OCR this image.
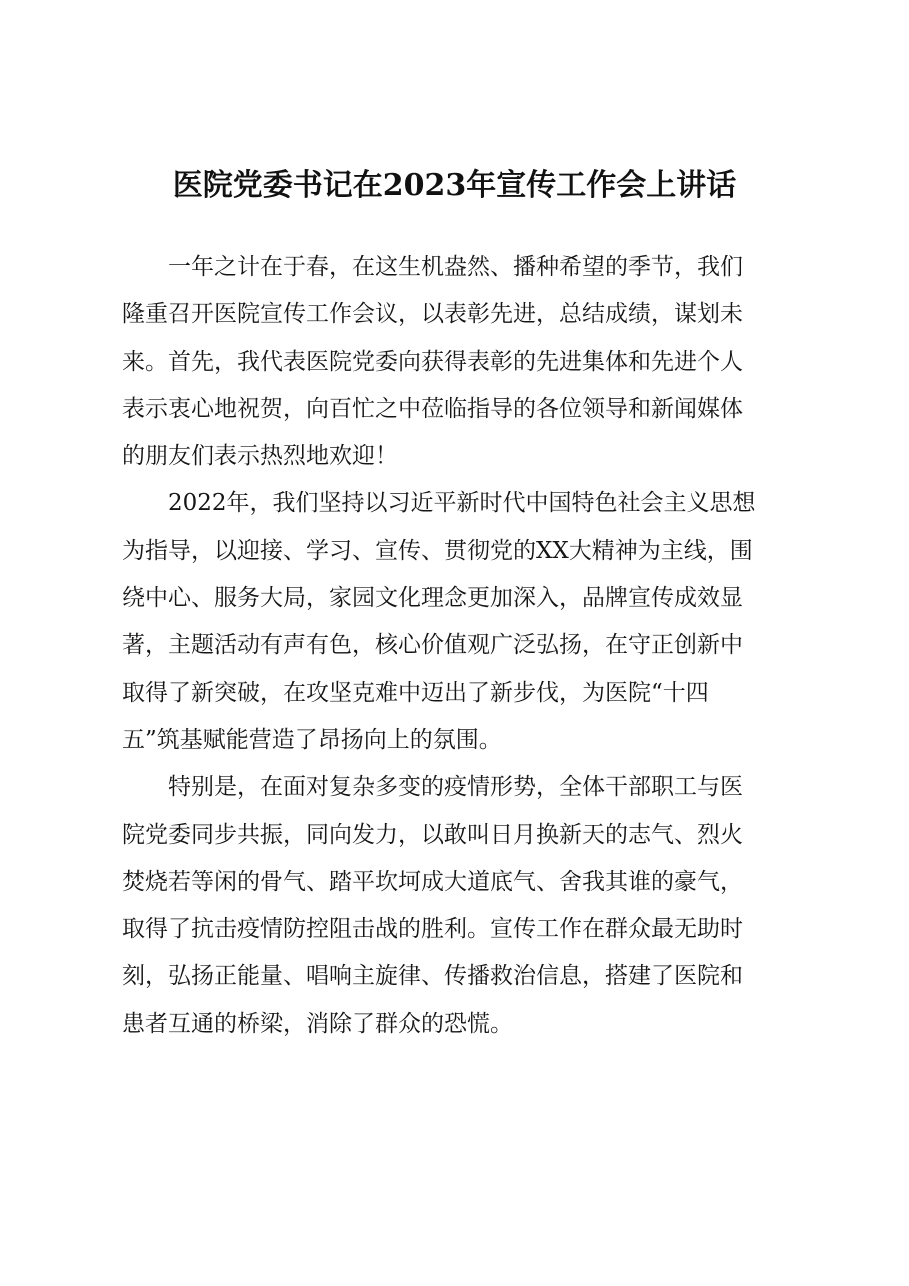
医院党委书记在2023年宣传工作会上讲话
一年之计在于春，在这生机盎然、播种希望的季节，我们
隆重召开医院宣传工作会议，以表彰先进，总结成绩，谋划未
来。首先，我代表医院党委向获得表彰的先进集体和先进个人
表示衷心地祝贺，向百忙之中莅临指导的各位领导和新闻媒体
的朋友们表示热烈地欢迎！
2022年，我们坚持以习近平新时代中国特色社会主义思想
为指导，以迎接、学习、宣传、贯彻党的XX大精神为主线，围
绕中心、服务大局，家园文化理念更加深入，品牌宣传成效显
著，主题活动有声有色，核心价值观广泛弘扬，在守正创新中
取得了新突破，在攻坚克难中迈出了新步伐，为医院“十四
五”筑基赋能营造了昂扬向上的氛围。
特别是，在面对复杂多变的疫情形势，全体干部职工与医
院党委同步共振，同向发力，以敢叫日月换新天的志气、烈火
焚烧若等闲的骨气、踏平坎坷成大道底气、舍我其谁的豪气，
取得了抗击疫情防控阻击战的胜利。宣传工作在群众最无助时
刻，弘扬正能量、唱响主旋律、传播救治信息，搭建了医院和
患者互通的桥梁，消除了群众的恐慌。
